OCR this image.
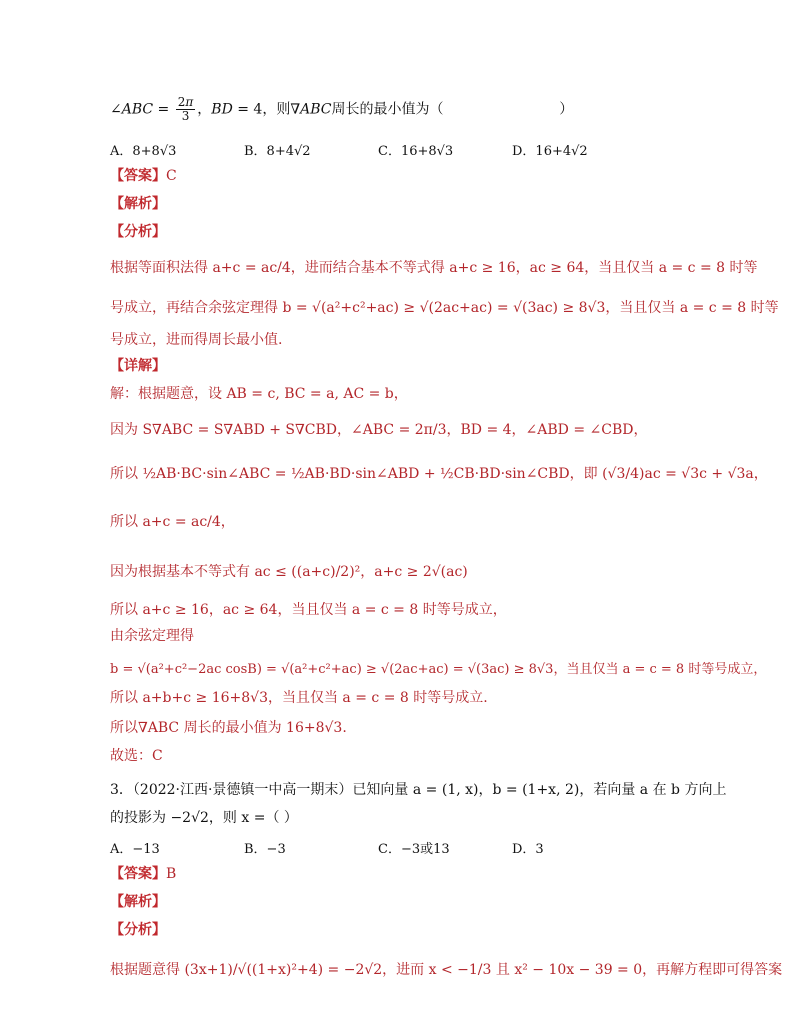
∠ABC = $\frac{2\pi}{3}$ ，BD = 4，则∇ABC周长的最小值为（                          ）
A．8+8√3	B．8+4√2	C．16+8√3	D．16+4√2
【答案】C
【解析】
【分析】
根据等面积法得 a+c = ac/4，进而结合基本不等式得 a+c ≥ 16，ac ≥ 64，当且仅当 a = c = 8 时等
号成立，再结合余弦定理得 b = √(a²+c²+ac) ≥ √(2ac+ac) = √(3ac) ≥ 8√3，当且仅当 a = c = 8 时等
号成立，进而得周长最小值.
【详解】
解：根据题意，设 AB = c, BC = a, AC = b，
因为 S∇ABC = S∇ABD + S∇CBD，∠ABC = 2π/3，BD = 4，∠ABD = ∠CBD，
所以 ½AB·BC·sin∠ABC = ½AB·BD·sin∠ABD + ½CB·BD·sin∠CBD，即 (√3/4)ac = √3c + √3a，
所以 a+c = ac/4，
因为根据基本不等式有 ac ≤ ((a+c)/2)²，a+c ≥ 2√(ac)
所以 a+c ≥ 16，ac ≥ 64，当且仅当 a = c = 8 时等号成立，
由余弦定理得
b = √(a²+c²−2ac cosB) = √(a²+c²+ac) ≥ √(2ac+ac) = √(3ac) ≥ 8√3，当且仅当 a = c = 8 时等号成立，
所以 a+b+c ≥ 16+8√3，当且仅当 a = c = 8 时等号成立.
所以∇ABC 周长的最小值为 16+8√3.
故选：C
3．（2022·江西·景德镇一中高一期末）已知向量 a = (1, x)，b = (1+x, 2)，若向量 a 在 b 方向上
的投影为 −2√2，则 x =（ ）
A．−13	B．−3	C．−3或13	D．3
【答案】B
【解析】
【分析】
根据题意得 (3x+1)/√((1+x)²+4) = −2√2，进而 x < −1/3 且 x² − 10x − 39 = 0，再解方程即可得答案
